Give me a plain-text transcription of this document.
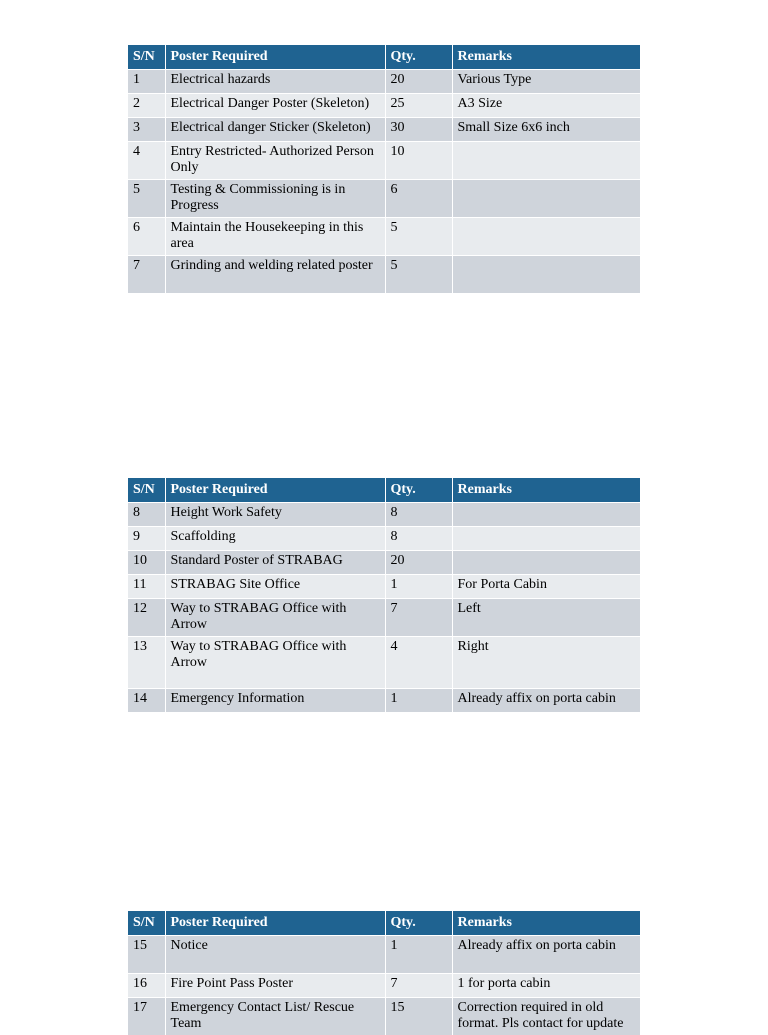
S/N	Poster Required	Qty.	Remarks
1	Electrical hazards	20	Various Type
2	Electrical Danger Poster (Skeleton)	25	A3 Size
3	Electrical danger Sticker (Skeleton)	30	Small Size 6x6 inch
4	Entry Restricted- Authorized Person Only	10	
5	Testing & Commissioning is in Progress	6	
6	Maintain the Housekeeping in this area	5	
7	Grinding and welding related poster	5	
S/N	Poster Required	Qty.	Remarks
8	Height Work Safety	8	
9	Scaffolding	8	
10	Standard Poster of STRABAG	20	
11	STRABAG Site Office	1	For Porta Cabin
12	Way to STRABAG Office with Arrow	7	Left
13	Way to STRABAG Office with Arrow	4	Right
14	Emergency Information	1	Already affix on porta cabin
S/N	Poster Required	Qty.	Remarks
15	Notice	1	Already affix on porta cabin
16	Fire Point Pass Poster	7	1 for porta cabin
17	Emergency Contact List/ Rescue Team	15	Correction required in old format. Pls contact for update
